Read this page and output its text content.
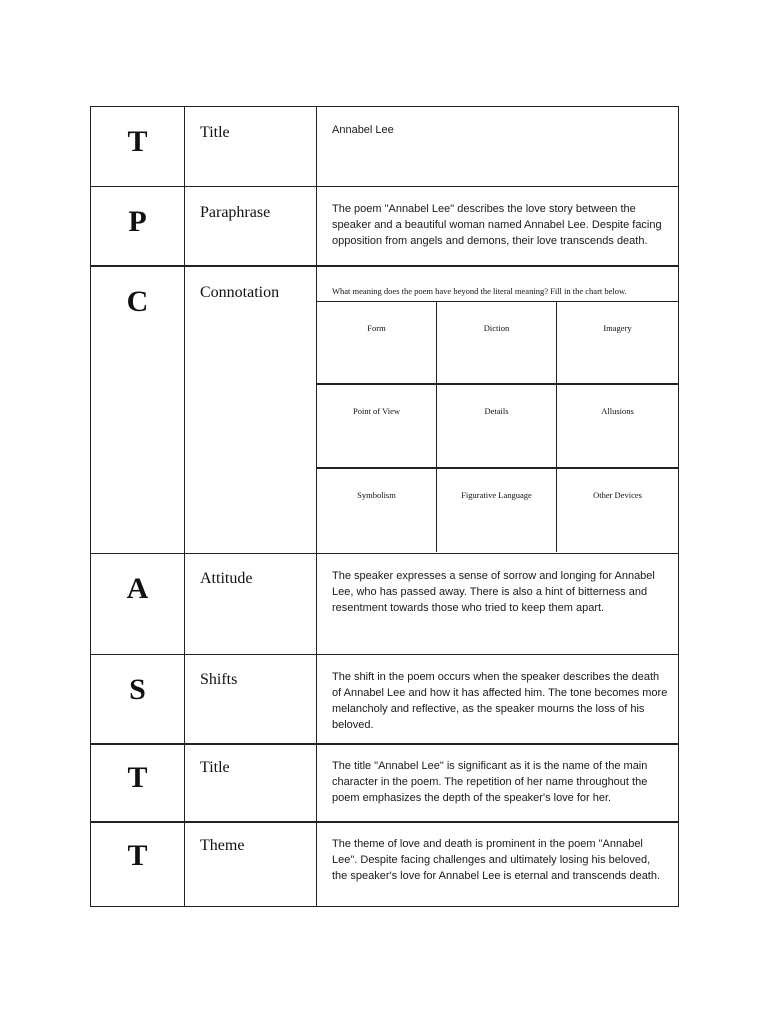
T	Title	Annabel Lee
P	Paraphrase	The poem "Annabel Lee" describes the love story between the speaker and a beautiful woman named Annabel Lee. Despite facing opposition from angels and demons, their love transcends death.
C	Connotation	What meaning does the poem have beyond the literal meaning? Fill in the chart below.
Form	Diction	Imagery
Point of View	Details	Allusions
Symbolism	Figurative Language	Other Devices
A	Attitude	The speaker expresses a sense of sorrow and longing for Annabel Lee, who has passed away. There is also a hint of bitterness and resentment towards those who tried to keep them apart.
S	Shifts	The shift in the poem occurs when the speaker describes the death of Annabel Lee and how it has affected him. The tone becomes more melancholy and reflective, as the speaker mourns the loss of his beloved.
T	Title	The title "Annabel Lee" is significant as it is the name of the main character in the poem. The repetition of her name throughout the poem emphasizes the depth of the speaker's love for her.
T	Theme	The theme of love and death is prominent in the poem "Annabel Lee". Despite facing challenges and ultimately losing his beloved, the speaker's love for Annabel Lee is eternal and transcends death.
